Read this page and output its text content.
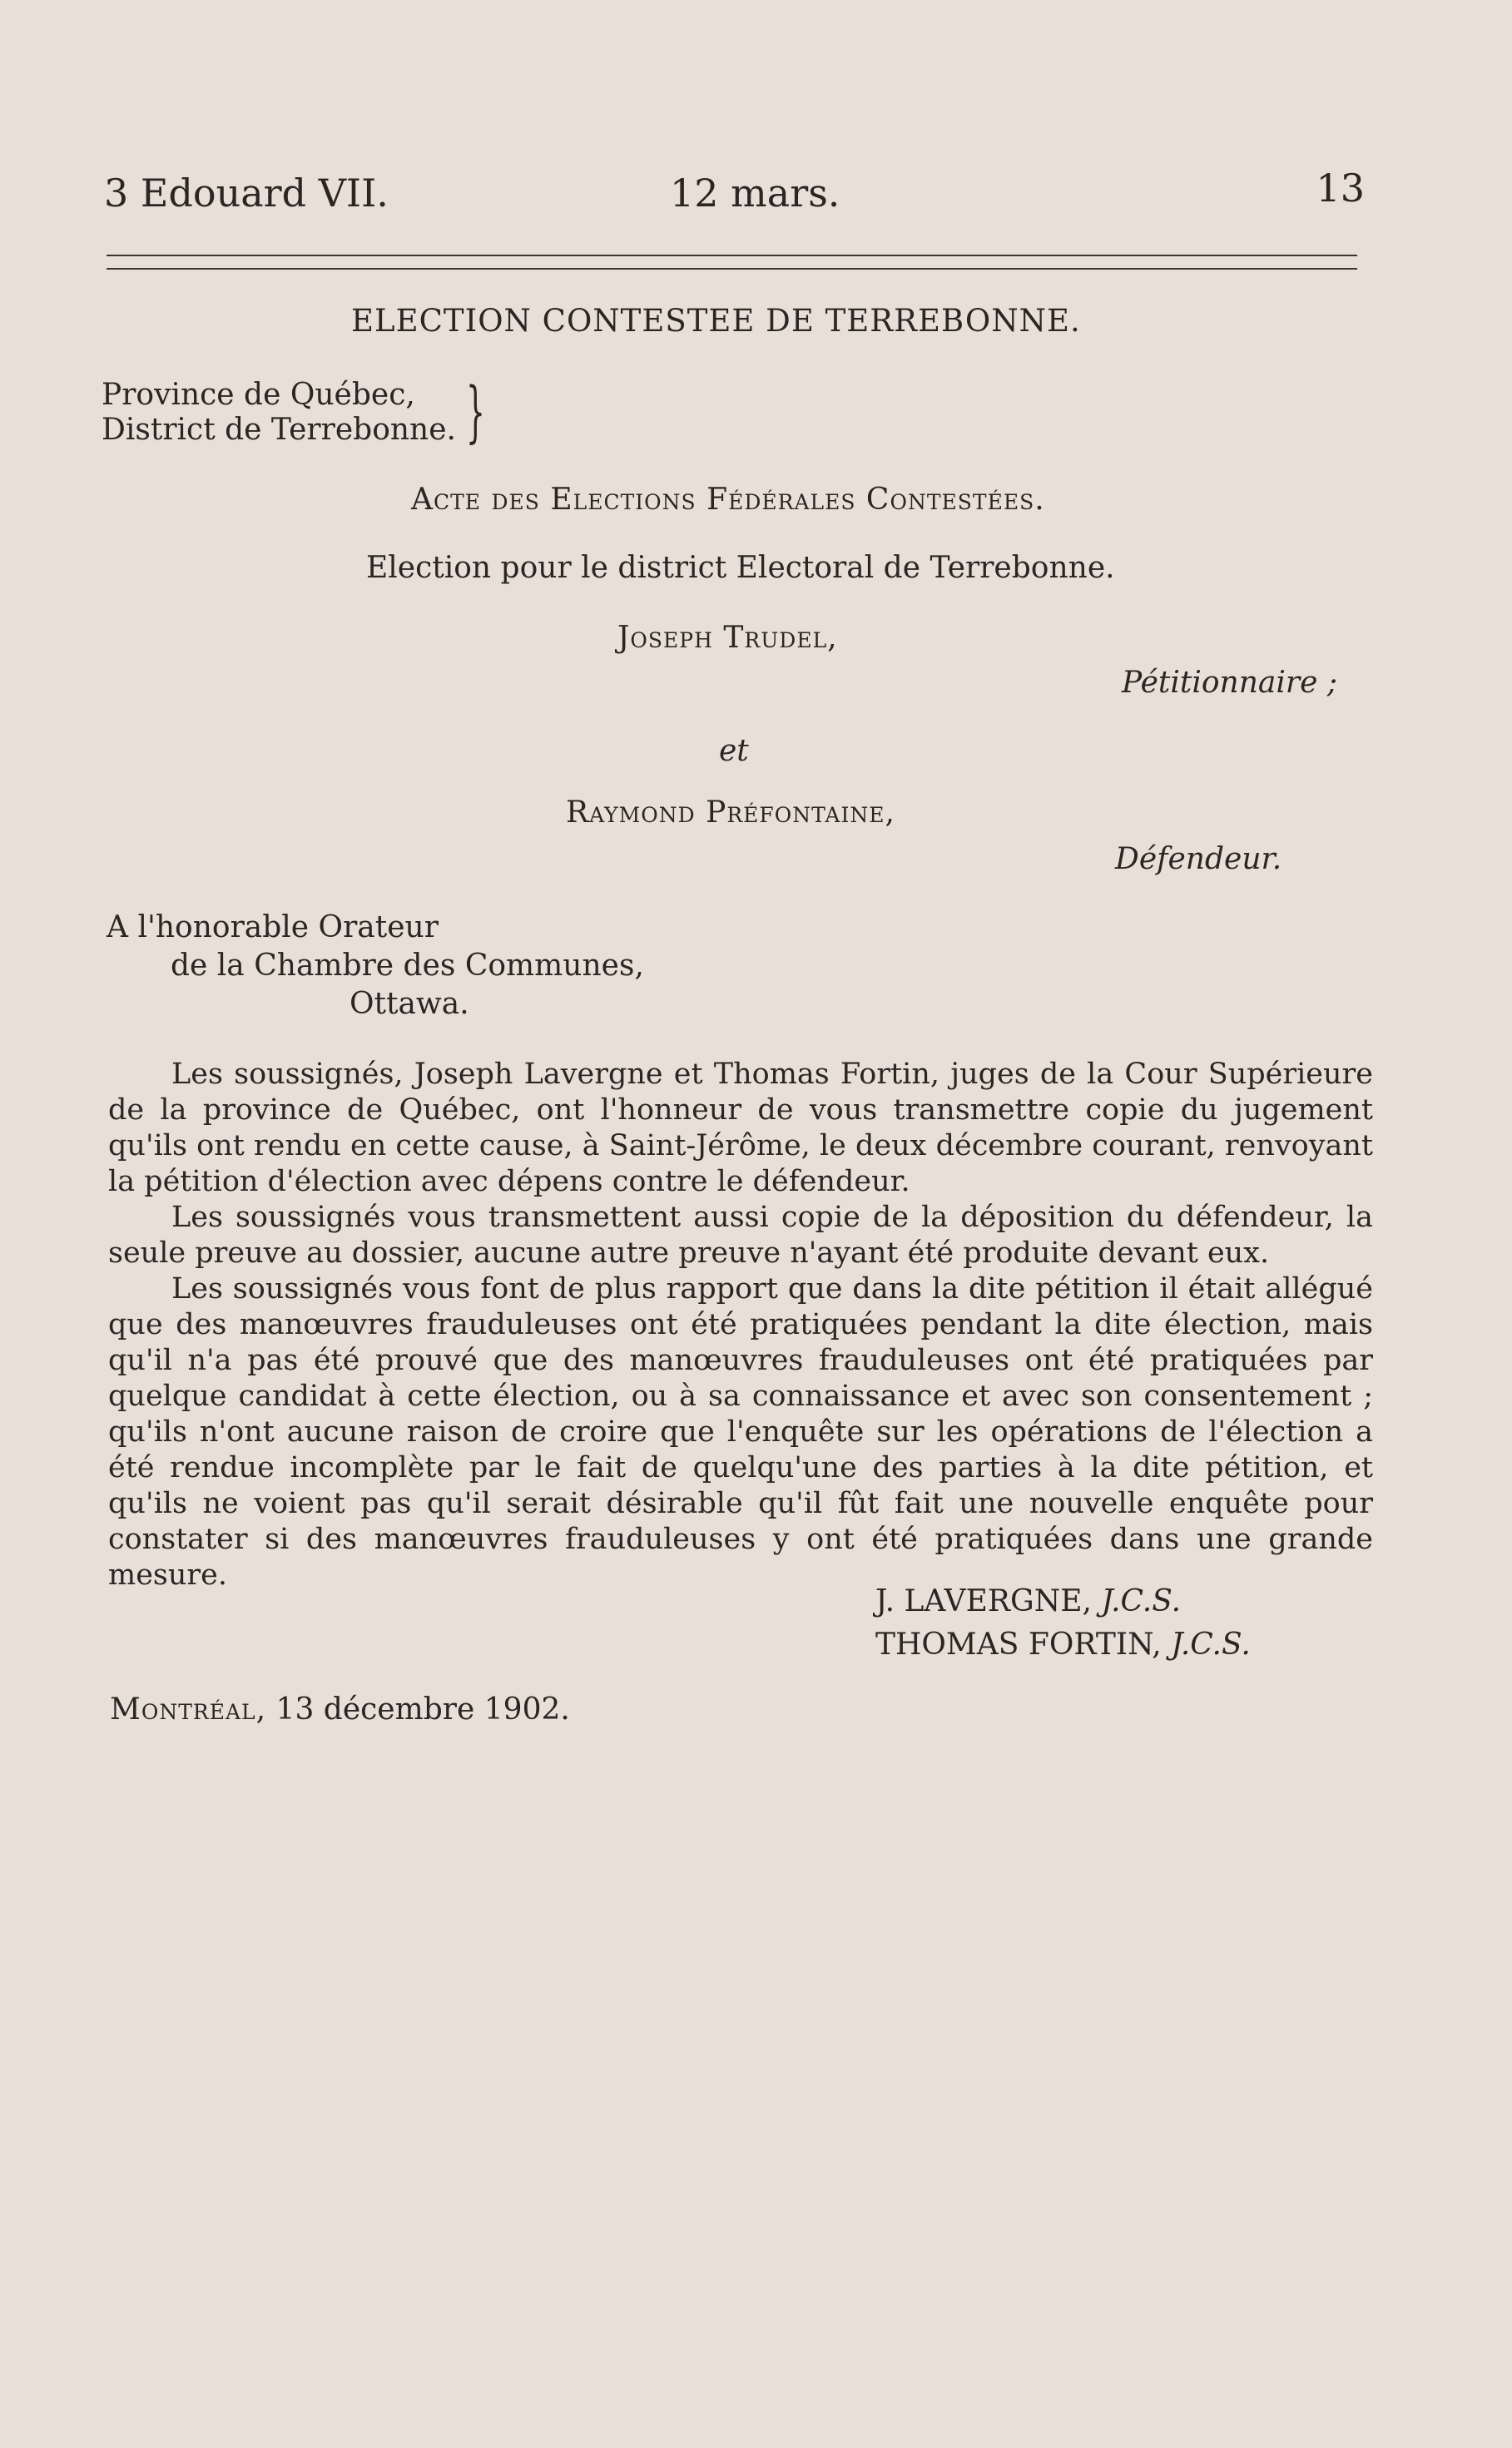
3 Edouard VII.	12 mars.	13
ELECTION CONTESTEE DE TERREBONNE.
Province de Québec,
District de Terrebonne. }
Acte des Elections Fédérales Contestées.
Election pour le district Electoral de Terrebonne.
Joseph Trudel,
Pétitionnaire ;
et
Raymond Préfontaine,
Défendeur.
A l'honorable Orateur
de la Chambre des Communes,
Ottawa.

Les soussignés, Joseph Lavergne et Thomas Fortin, juges de la Cour Supérieure de la province de Québec, ont l'honneur de vous transmettre copie du jugement qu'ils ont rendu en cette cause, à Saint-Jérôme, le deux décembre courant, renvoyant la pétition d'élection avec dépens contre le défendeur.

Les soussignés vous transmettent aussi copie de la déposition du défendeur, la seule preuve au dossier, aucune autre preuve n'ayant été produite devant eux.

Les soussignés vous font de plus rapport que dans la dite pétition il était allégué que des manœuvres frauduleuses ont été pratiquées pendant la dite élection, mais qu'il n'a pas été prouvé que des manœuvres frauduleuses ont été pratiquées par quelque candidat à cette élection, ou à sa connaissance et avec son consentement ; qu'ils n'ont aucune raison de croire que l'enquête sur les opérations de l'élection a été rendue incomplète par le fait de quelqu'une des parties à la dite pétition, et qu'ils ne voient pas qu'il serait désirable qu'il fût fait une nouvelle enquête pour constater si des manœuvres frauduleuses y ont été pratiquées dans une grande mesure.

J. LAVERGNE, J.C.S.
THOMAS FORTIN, J.C.S.
Montréal, 13 décembre 1902.
